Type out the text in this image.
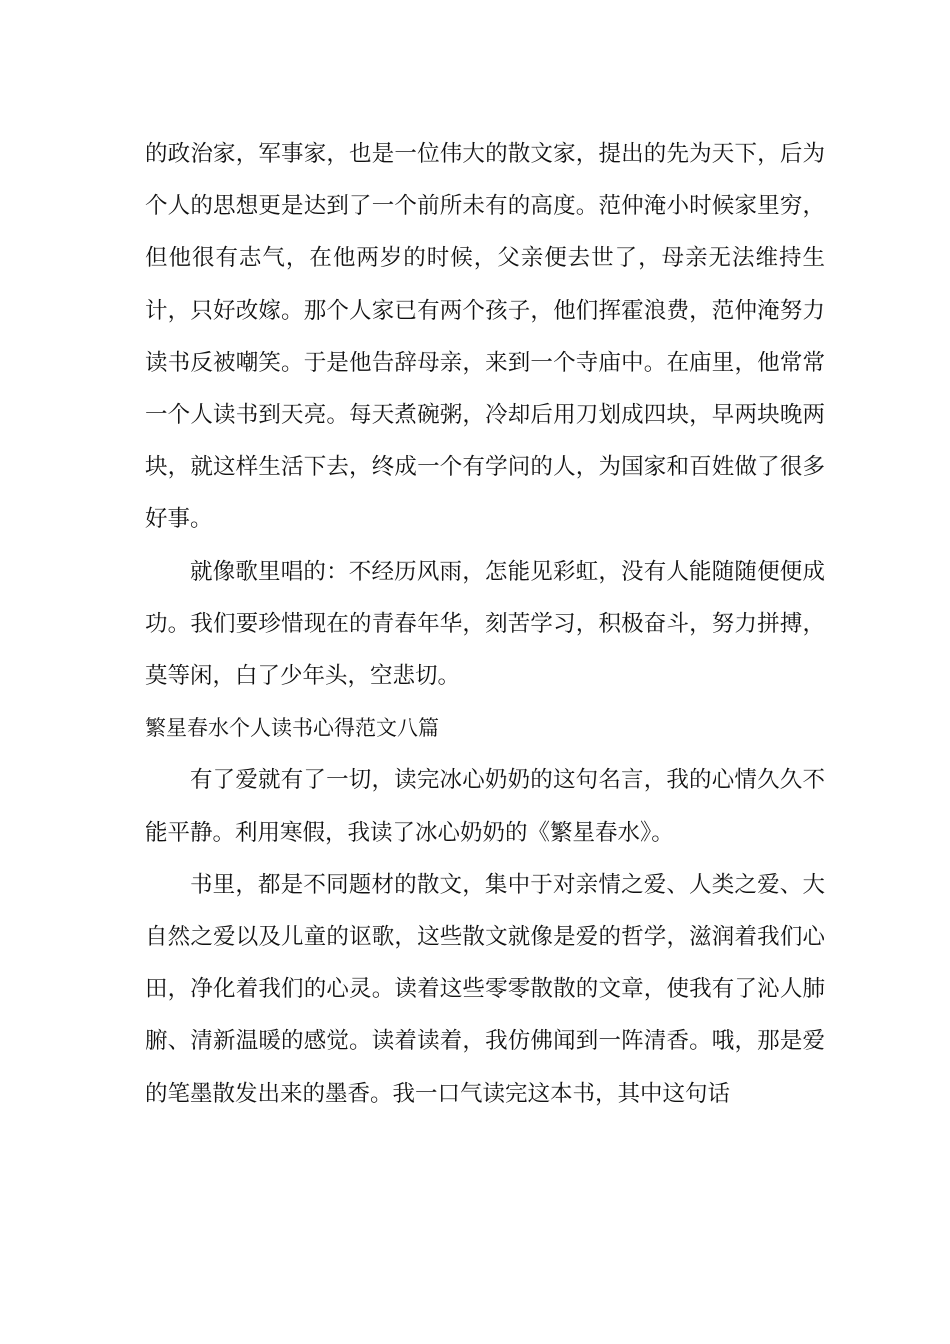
的政治家，军事家，也是一位伟大的散文家，提出的先为天下，后为个人的思想更是达到了一个前所未有的高度。范仲淹小时候家里穷，但他很有志气，在他两岁的时候，父亲便去世了，母亲无法维持生计，只好改嫁。那个人家已有两个孩子，他们挥霍浪费，范仲淹努力读书反被嘲笑。于是他告辞母亲，来到一个寺庙中。在庙里，他常常一个人读书到天亮。每天煮碗粥，冷却后用刀划成四块，早两块晚两块，就这样生活下去，终成一个有学问的人，为国家和百姓做了很多好事。

就像歌里唱的：不经历风雨，怎能见彩虹，没有人能随随便便成功。我们要珍惜现在的青春年华，刻苦学习，积极奋斗，努力拼搏，莫等闲，白了少年头，空悲切。

繁星春水个人读书心得范文八篇

有了爱就有了一切，读完冰心奶奶的这句名言，我的心情久久不能平静。利用寒假，我读了冰心奶奶的《繁星春水》。

书里，都是不同题材的散文，集中于对亲情之爱、人类之爱、大自然之爱以及儿童的讴歌，这些散文就像是爱的哲学，滋润着我们心田，净化着我们的心灵。读着这些零零散散的文章，使我有了沁人肺腑、清新温暖的感觉。读着读着，我仿佛闻到一阵清香。哦，那是爱的笔墨散发出来的墨香。我一口气读完这本书，其中这句话
